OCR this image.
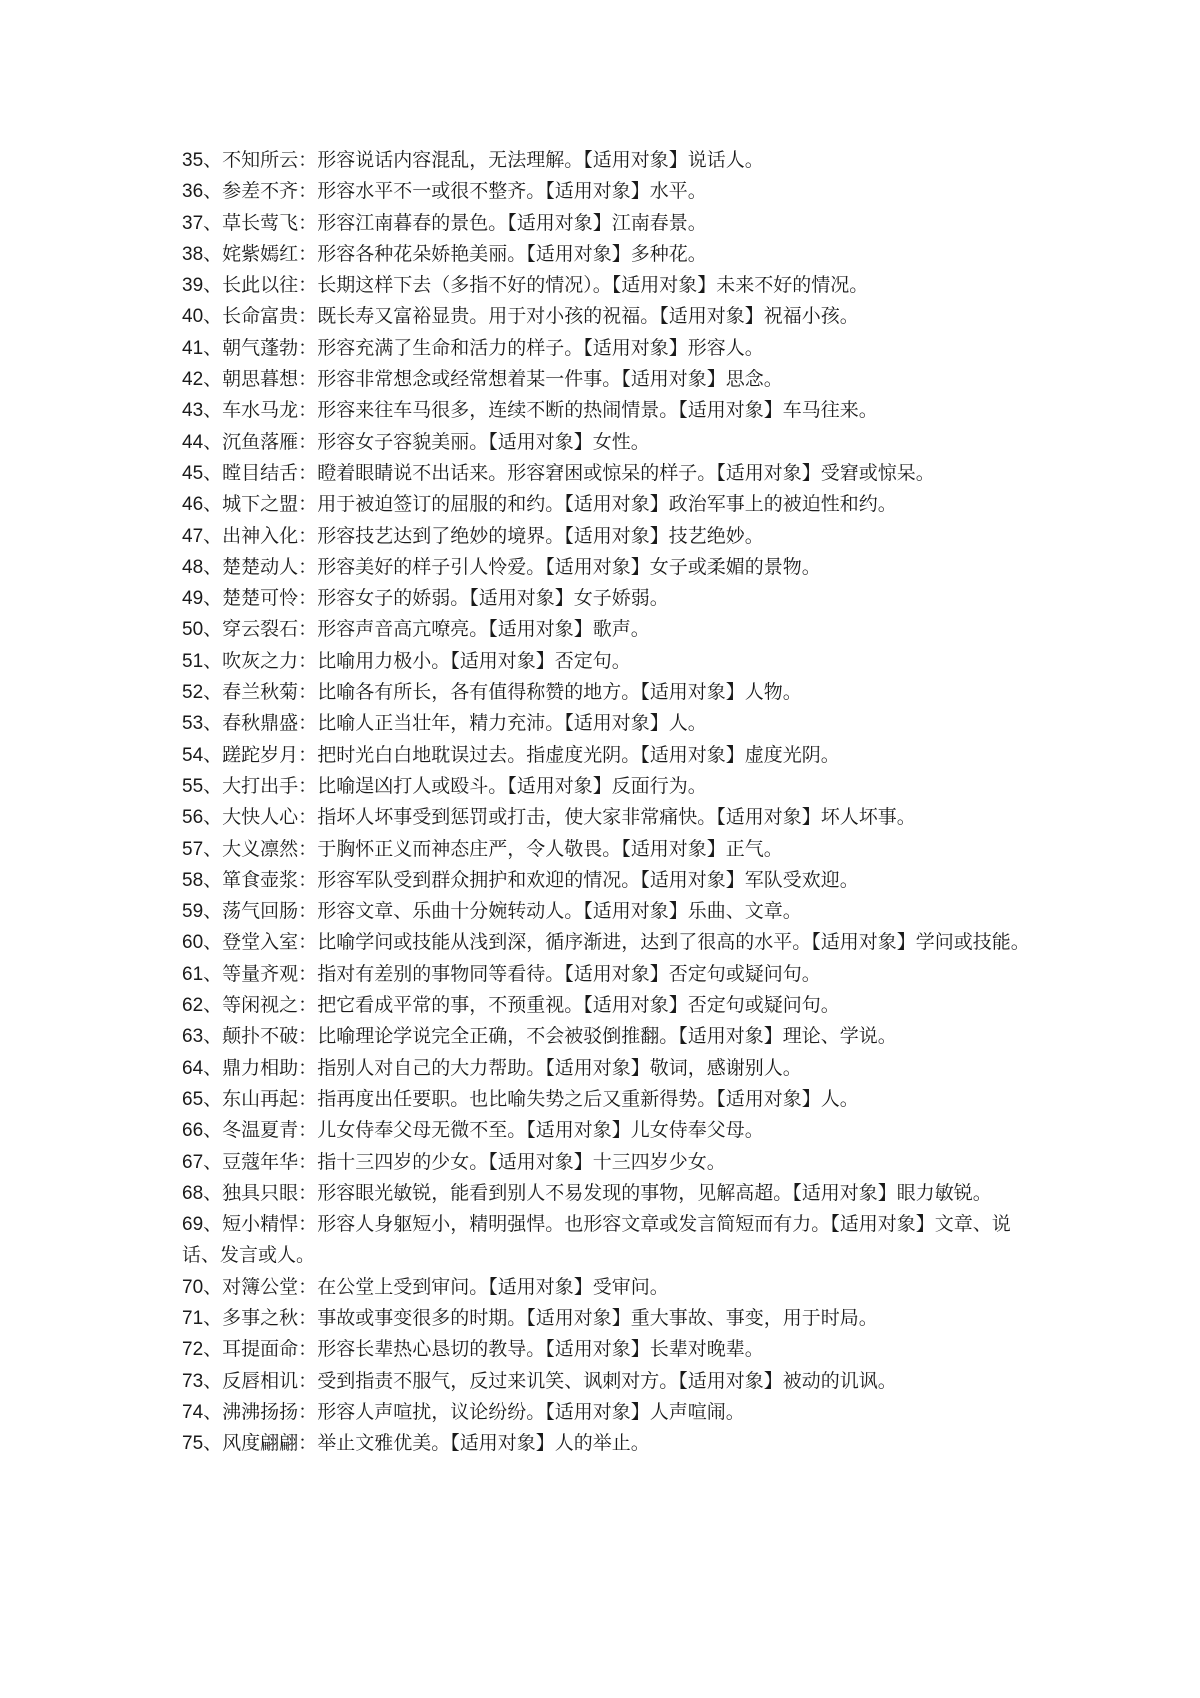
35、不知所云：形容说话内容混乱，无法理解。【适用对象】说话人。

36、参差不齐：形容水平不一或很不整齐。【适用对象】水平。

37、草长莺飞：形容江南暮春的景色。【适用对象】江南春景。

38、姹紫嫣红：形容各种花朵娇艳美丽。【适用对象】多种花。

39、长此以往：长期这样下去（多指不好的情况）。【适用对象】未来不好的情况。

40、长命富贵：既长寿又富裕显贵。用于对小孩的祝福。【适用对象】祝福小孩。

41、朝气蓬勃：形容充满了生命和活力的样子。【适用对象】形容人。

42、朝思暮想：形容非常想念或经常想着某一件事。【适用对象】思念。

43、车水马龙：形容来往车马很多，连续不断的热闹情景。【适用对象】车马往来。

44、沉鱼落雁：形容女子容貌美丽。【适用对象】女性。

45、瞠目结舌：瞪着眼睛说不出话来。形容窘困或惊呆的样子。【适用对象】受窘或惊呆。

46、城下之盟：用于被迫签订的屈服的和约。【适用对象】政治军事上的被迫性和约。

47、出神入化：形容技艺达到了绝妙的境界。【适用对象】技艺绝妙。

48、楚楚动人：形容美好的样子引人怜爱。【适用对象】女子或柔媚的景物。

49、楚楚可怜：形容女子的娇弱。【适用对象】女子娇弱。

50、穿云裂石：形容声音高亢嘹亮。【适用对象】歌声。

51、吹灰之力：比喻用力极小。【适用对象】否定句。

52、春兰秋菊：比喻各有所长，各有值得称赞的地方。【适用对象】人物。

53、春秋鼎盛：比喻人正当壮年，精力充沛。【适用对象】人。

54、蹉跎岁月：把时光白白地耽误过去。指虚度光阴。【适用对象】虚度光阴。

55、大打出手：比喻逞凶打人或殴斗。【适用对象】反面行为。

56、大快人心：指坏人坏事受到惩罚或打击，使大家非常痛快。【适用对象】坏人坏事。

57、大义凛然：于胸怀正义而神态庄严，令人敬畏。【适用对象】正气。

58、箪食壶浆：形容军队受到群众拥护和欢迎的情况。【适用对象】军队受欢迎。

59、荡气回肠：形容文章、乐曲十分婉转动人。【适用对象】乐曲、文章。

60、登堂入室：比喻学问或技能从浅到深，循序渐进，达到了很高的水平。【适用对象】学问或技能。

61、等量齐观：指对有差别的事物同等看待。【适用对象】否定句或疑问句。

62、等闲视之：把它看成平常的事，不预重视。【适用对象】否定句或疑问句。

63、颠扑不破：比喻理论学说完全正确，不会被驳倒推翻。【适用对象】理论、学说。

64、鼎力相助：指别人对自己的大力帮助。【适用对象】敬词，感谢别人。

65、东山再起：指再度出任要职。也比喻失势之后又重新得势。【适用对象】人。

66、冬温夏青：儿女侍奉父母无微不至。【适用对象】儿女侍奉父母。

67、豆蔻年华：指十三四岁的少女。【适用对象】十三四岁少女。

68、独具只眼：形容眼光敏锐，能看到别人不易发现的事物，见解高超。【适用对象】眼力敏锐。

69、短小精悍：形容人身躯短小，精明强悍。也形容文章或发言简短而有力。【适用对象】文章、说话、发言或人。

70、对簿公堂：在公堂上受到审问。【适用对象】受审问。

71、多事之秋：事故或事变很多的时期。【适用对象】重大事故、事变，用于时局。

72、耳提面命：形容长辈热心恳切的教导。【适用对象】长辈对晚辈。

73、反唇相讥：受到指责不服气，反过来讥笑、讽刺对方。【适用对象】被动的讥讽。

74、沸沸扬扬：形容人声喧扰，议论纷纷。【适用对象】人声喧闹。

75、风度翩翩：举止文雅优美。【适用对象】人的举止。
